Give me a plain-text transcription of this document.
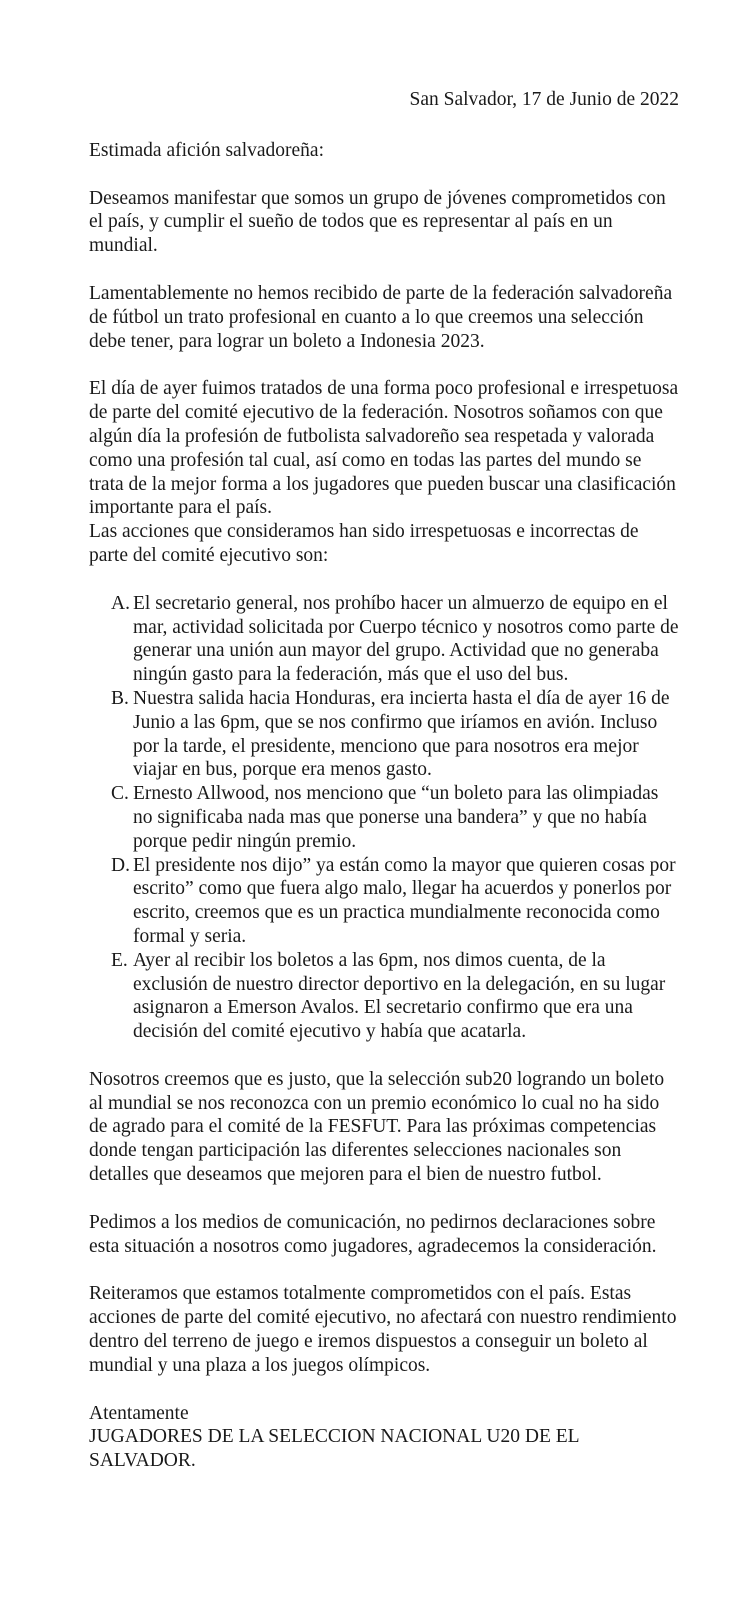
San Salvador, 17 de Junio de 2022

Estimada afición salvadoreña:

Deseamos manifestar que somos un grupo de jóvenes comprometidos con el país, y cumplir el sueño de todos que es representar al país en un mundial.

Lamentablemente no hemos recibido de parte de la federación salvadoreña de fútbol un trato profesional en cuanto a lo que creemos una selección debe tener, para lograr un boleto a Indonesia 2023.

El día de ayer fuimos tratados de una forma poco profesional e irrespetuosa de parte del comité ejecutivo de la federación. Nosotros soñamos con que algún día la profesión de futbolista salvadoreño sea respetada y valorada como una profesión tal cual, así como en todas las partes del mundo se trata de la mejor forma a los jugadores que pueden buscar una clasificación importante para el país.

Las acciones que consideramos han sido irrespetuosas e incorrectas de parte del comité ejecutivo son:

A. El secretario general, nos prohíbo hacer un almuerzo de equipo en el mar, actividad solicitada por Cuerpo técnico y nosotros como parte de generar una unión aun mayor del grupo. Actividad que no generaba ningún gasto para la federación, más que el uso del bus.
B. Nuestra salida hacia Honduras, era incierta hasta el día de ayer 16 de Junio a las 6pm, que se nos confirmo que iríamos en avión. Incluso por la tarde, el presidente, menciono que para nosotros era mejor viajar en bus, porque era menos gasto.
C. Ernesto Allwood, nos menciono que “un boleto para las olimpiadas no significaba nada mas que ponerse una bandera” y que no había porque pedir ningún premio.
D. El presidente nos dijo” ya están como la mayor que quieren cosas por escrito” como que fuera algo malo, llegar ha acuerdos y ponerlos por escrito, creemos que es un practica mundialmente reconocida como formal y seria.
E. Ayer al recibir los boletos a las 6pm, nos dimos cuenta, de la exclusión de nuestro director deportivo en la delegación, en su lugar asignaron a Emerson Avalos. El secretario confirmo que era una decisión del comité ejecutivo y había que acatarla.

Nosotros creemos que es justo, que la selección sub20 logrando un boleto al mundial se nos reconozca con un premio económico lo cual no ha sido de agrado para el comité de la FESFUT. Para las próximas competencias donde tengan participación las diferentes selecciones nacionales son detalles que deseamos que mejoren para el bien de nuestro futbol.

Pedimos a los medios de comunicación, no pedirnos declaraciones sobre esta situación a nosotros como jugadores, agradecemos la consideración.

Reiteramos que estamos totalmente comprometidos con el país. Estas acciones de parte del comité ejecutivo, no afectará con nuestro rendimiento dentro del terreno de juego e iremos dispuestos a conseguir un boleto al mundial y una plaza a los juegos olímpicos.

Atentamente

JUGADORES DE LA SELECCION NACIONAL U20 DE EL SALVADOR.
